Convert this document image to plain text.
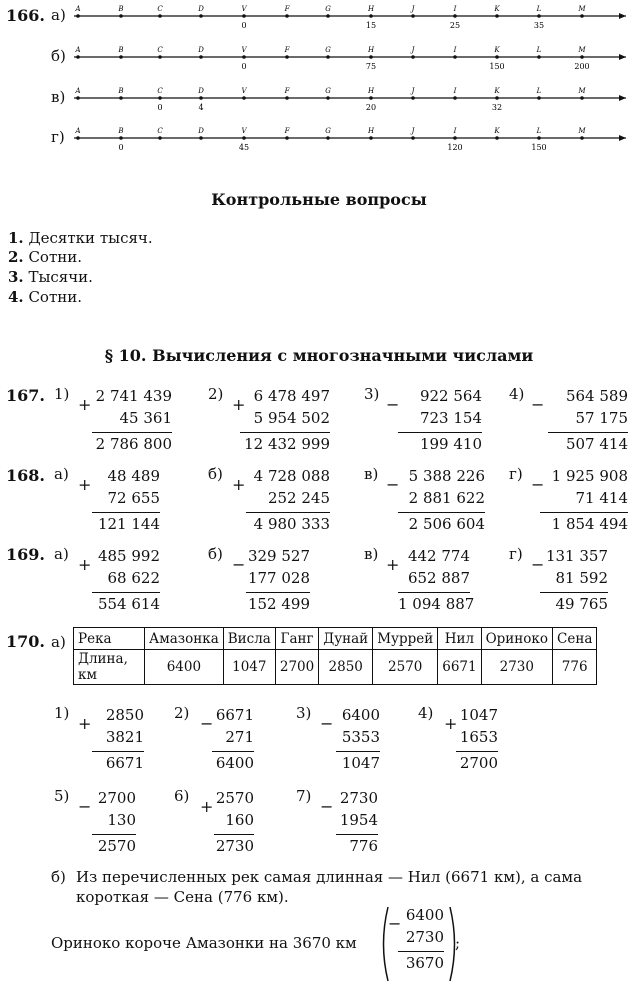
166. а)
б)
в)
г)
A	B	C	D	V
0
F	G	H
15
J	I
25
K	L
35
M
A	B	C	D	V
0
F	G	H
75
J	I	K
150
L	M
200
A	B	C
0
D
4
V	F	G	H
20
J	I	K
32
L	M
A	B
0
C	D	V
45
F	G	H	J	I
120
K	L
150
M
Контрольные вопросы
1. Десятки тысяч.
2. Сотни.
3. Тысячи.
4. Сотни.
§ 10. Вычисления с многозначными числами
167.
168.
169.
1) 2 741 439
45 361
2 786 800
+
2)	6 478 497
5 954 502
12 432 999
+
3)	922 564
723 154
199 410
−
4)	564 589
57 175
507 414
−
а)	48 489
72 655
121 144
+
б)	4 728 088
252 245
4 980 333
+
в)	5 388 226
2 881 622
2 506 604
−
г)	1 925 908
71 414
1 854 494
−
а)	485 992
68 622
554 614
+
б) 329 527
177 028
152 499
−
в)	442 774
652 887
1 094 887
+
г)	131 357
81 592
49 765
−
1)	2850
3821
6671
+
2) 6671
271
6400
−
3)	6400
5353
1047
−
4) 1047
1653
2700
+
5)	2700
130
2570
−
6) 2570
160
2730
+
7) 2730
1954
776
−
170. а) Река	Амазонка	Висла	Ганг	Дунай	Муррей	Нил	Ориноко	Сена
Длина, км	6400	1047	2700	2850	2570	6671	2730	776
б) Из перечисленных рек самая длинная — Нил (6671 км), а сама
короткая — Сена (776 км).
Ориноко короче Амазонки на 3670 км
6400
2730
3670
−
;
